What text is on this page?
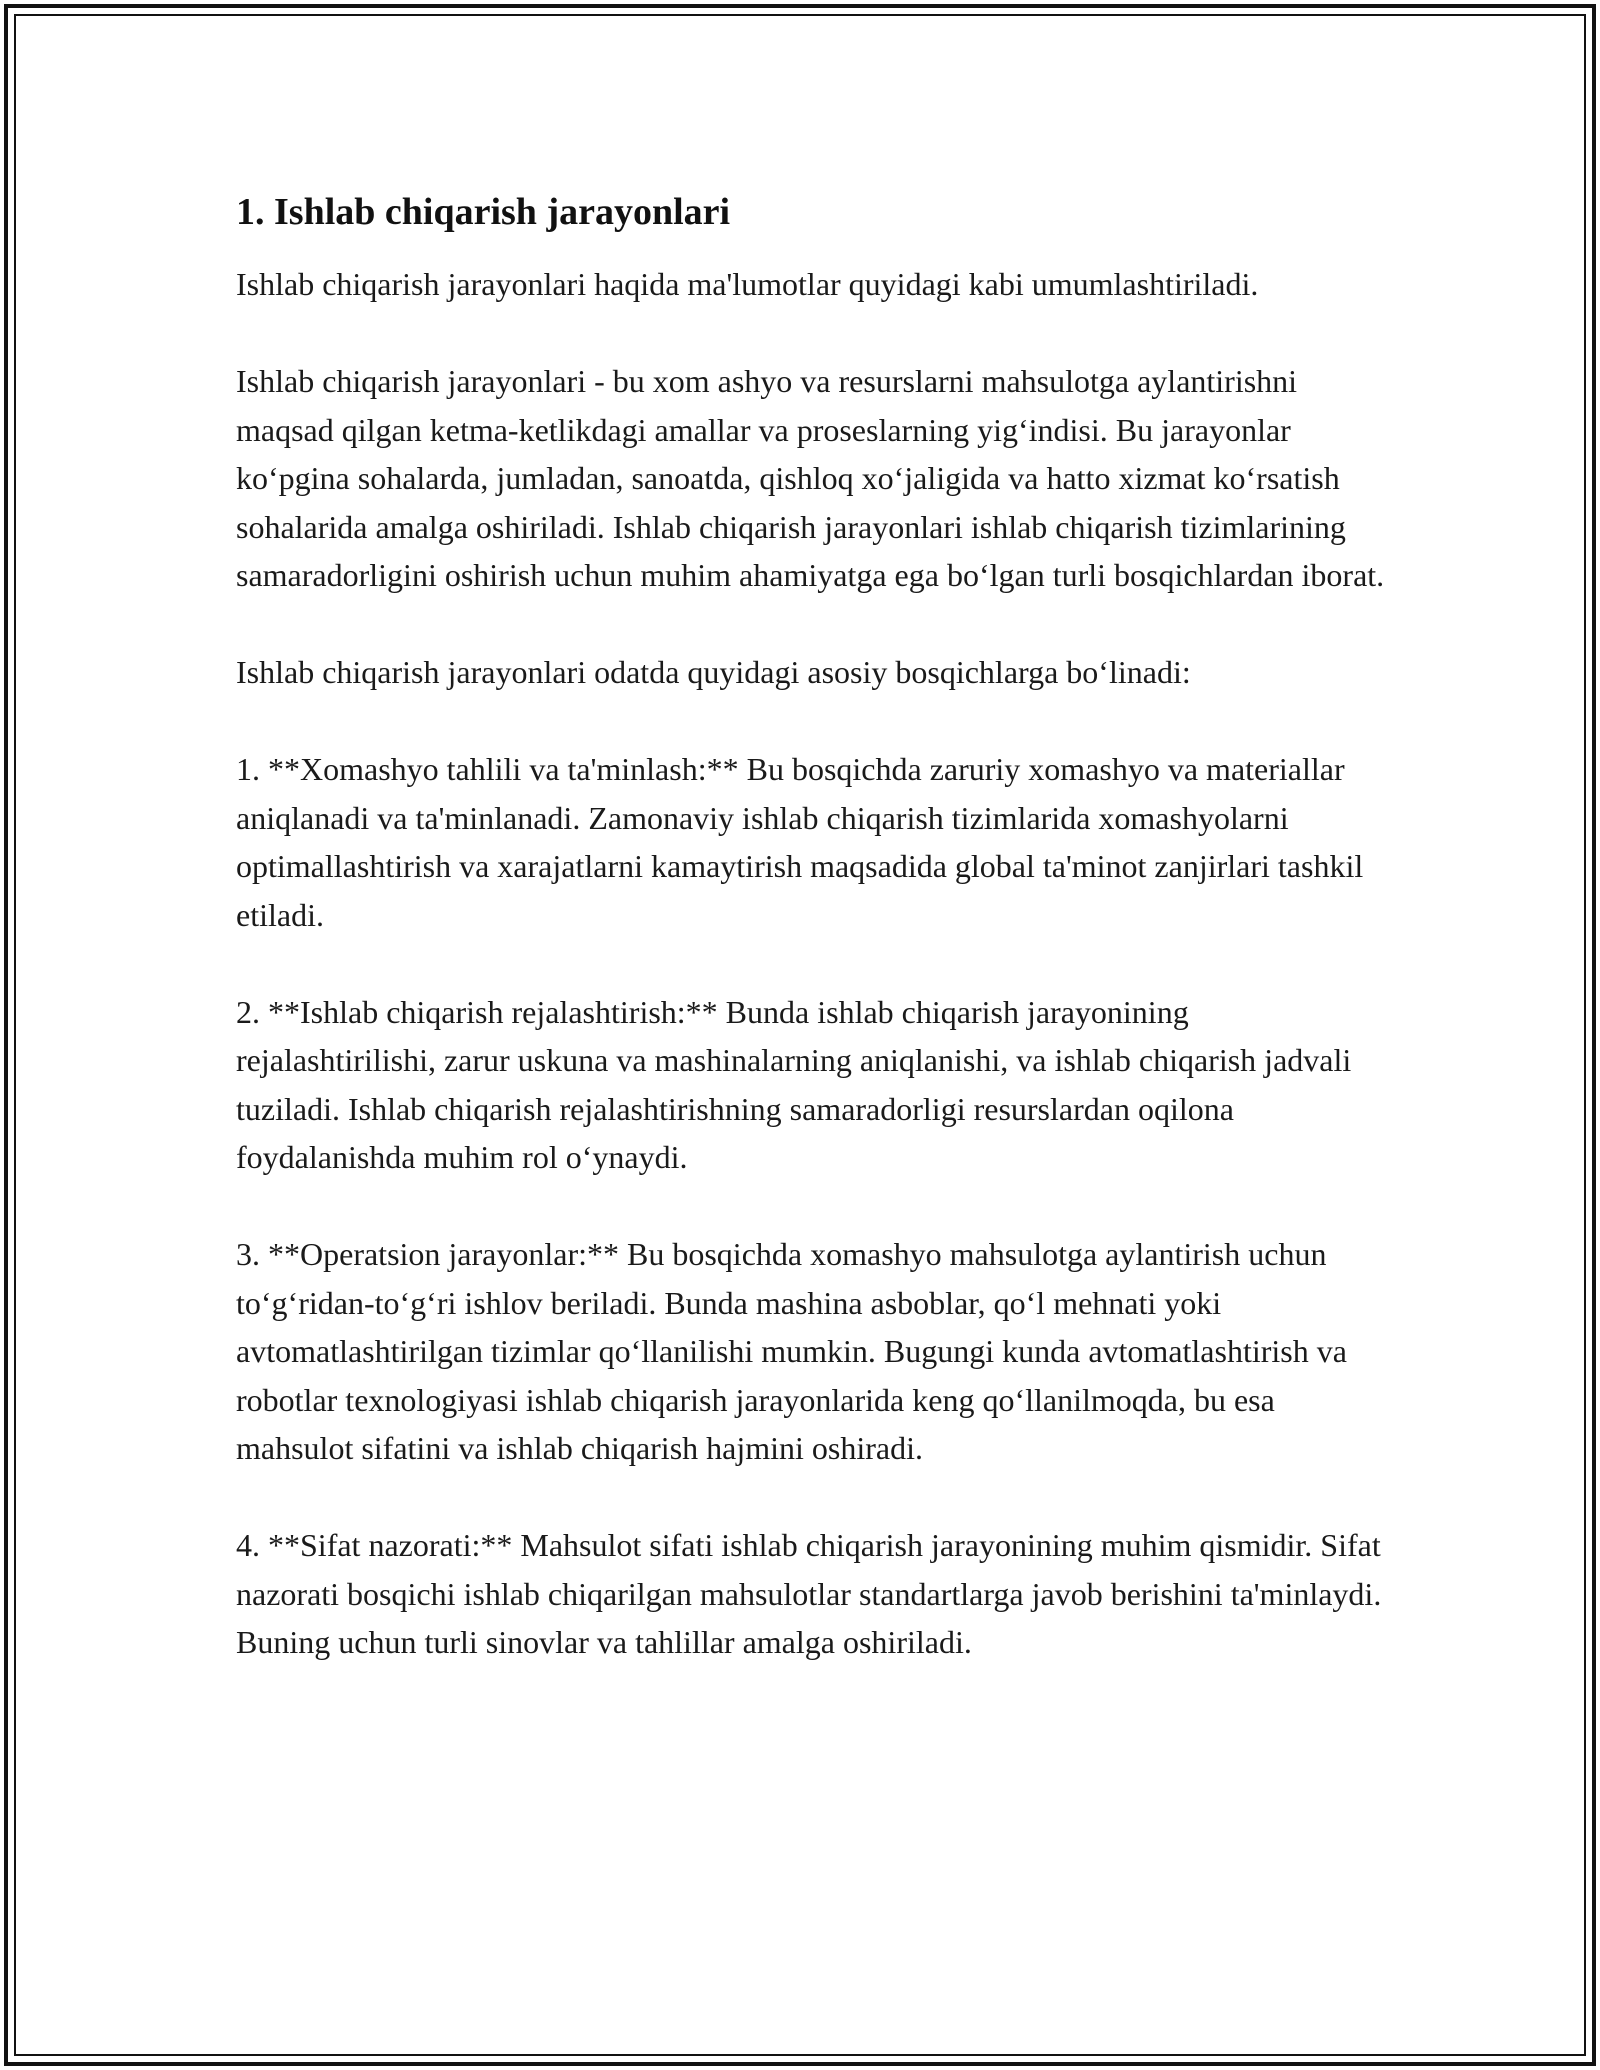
1. Ishlab chiqarish jarayonlari

Ishlab chiqarish jarayonlari haqida ma'lumotlar quyidagi kabi umumlashtiriladi.

Ishlab chiqarish jarayonlari - bu xom ashyo va resurslarni mahsulotga aylantirishni maqsad qilgan ketma-ketlikdagi amallar va proseslarning yig‘indisi. Bu jarayonlar ko‘pgina sohalarda, jumladan, sanoatda, qishloq xo‘jaligida va hatto xizmat ko‘rsatish sohalarida amalga oshiriladi. Ishlab chiqarish jarayonlari ishlab chiqarish tizimlarining samaradorligini oshirish uchun muhim ahamiyatga ega bo‘lgan turli bosqichlardan iborat.

Ishlab chiqarish jarayonlari odatda quyidagi asosiy bosqichlarga bo‘linadi:

1. **Xomashyo tahlili va ta'minlash:** Bu bosqichda zaruriy xomashyo va materiallar aniqlanadi va ta'minlanadi. Zamonaviy ishlab chiqarish tizimlarida xomashyolarni optimallashtirish va xarajatlarni kamaytirish maqsadida global ta'minot zanjirlari tashkil etiladi.

2. **Ishlab chiqarish rejalashtirish:** Bunda ishlab chiqarish jarayonining rejalashtirilishi, zarur uskuna va mashinalarning aniqlanishi, va ishlab chiqarish jadvali tuziladi. Ishlab chiqarish rejalashtirishning samaradorligi resurslardan oqilona foydalanishda muhim rol o‘ynaydi.

3. **Operatsion jarayonlar:** Bu bosqichda xomashyo mahsulotga aylantirish uchun to‘g‘ridan-to‘g‘ri ishlov beriladi. Bunda mashina asboblar, qo‘l mehnati yoki avtomatlashtirilgan tizimlar qo‘llanilishi mumkin. Bugungi kunda avtomatlashtirish va robotlar texnologiyasi ishlab chiqarish jarayonlarida keng qo‘llanilmoqda, bu esa mahsulot sifatini va ishlab chiqarish hajmini oshiradi.

4. **Sifat nazorati:** Mahsulot sifati ishlab chiqarish jarayonining muhim qismidir. Sifat nazorati bosqichi ishlab chiqarilgan mahsulotlar standartlarga javob berishini ta'minlaydi. Buning uchun turli sinovlar va tahlillar amalga oshiriladi.
